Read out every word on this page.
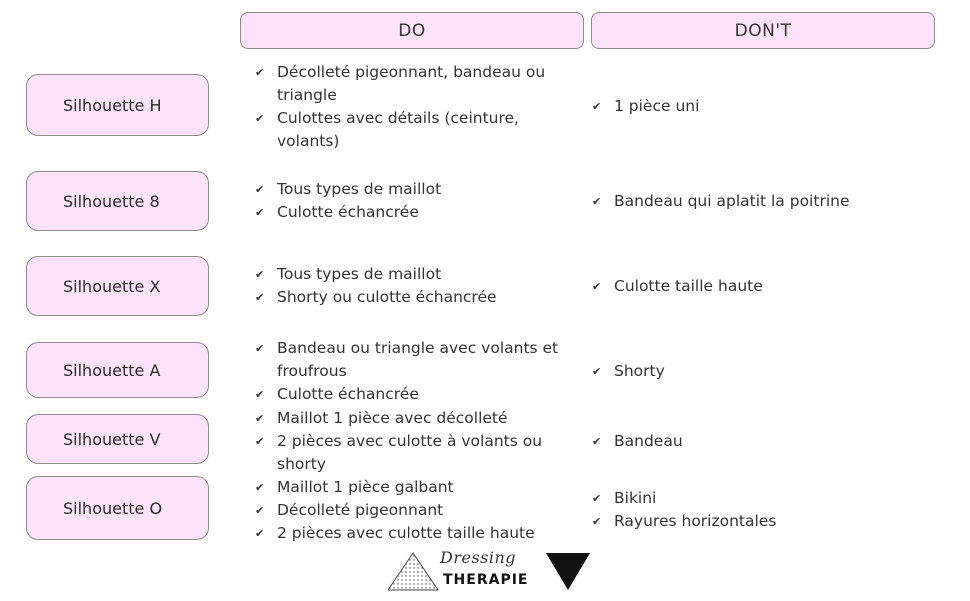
DO	DON'T
Silhouette H
✔ Décolleté pigeonnant, bandeau ou triangle
✔ Culottes avec détails (ceinture, volants)
✔ 1 pièce uni
Silhouette 8
✔ Tous types de maillot
✔ Culotte échancrée
✔ Bandeau qui aplatit la poitrine
Silhouette X
✔ Tous types de maillot
✔ Shorty ou culotte échancrée
✔ Culotte taille haute
Silhouette A
✔ Bandeau ou triangle avec volants et froufrous
✔ Culotte échancrée
✔ Shorty
Silhouette V
✔ Maillot 1 pièce avec décolleté
✔ 2 pièces avec culotte à volants ou shorty
✔ Bandeau
Silhouette O
✔ Maillot 1 pièce galbant
✔ Décolleté pigeonnant
✔ 2 pièces avec culotte taille haute
✔ Bikini
✔ Rayures horizontales
Dressing
THERAPIE
